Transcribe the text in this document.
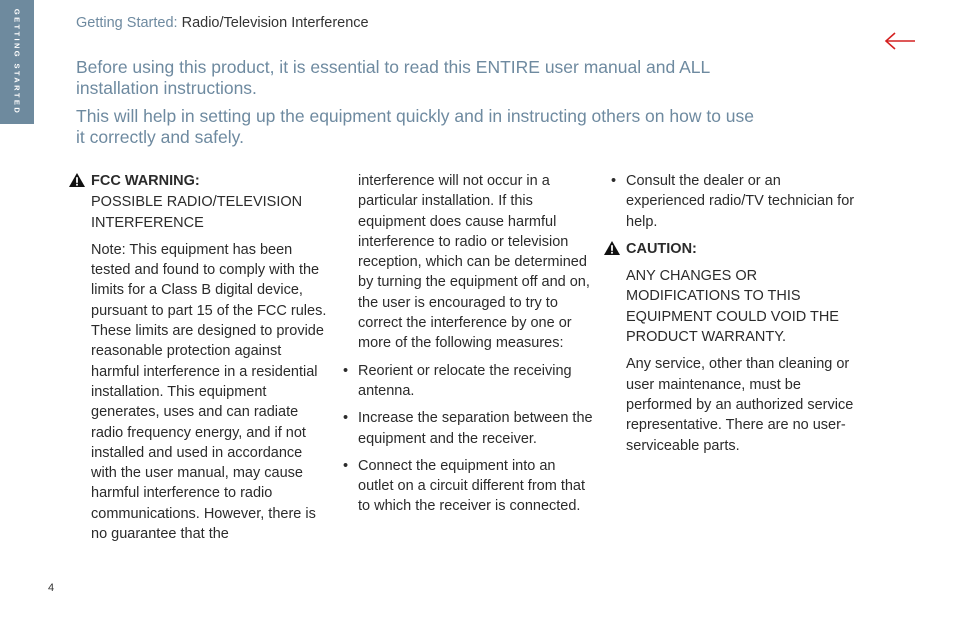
GETTING STARTED	Getting Started: Radio/Television Interference

Before using this product, it is essential to read this ENTIRE user manual and ALL installation instructions.

This will help in setting up the equipment quickly and in instructing others on how to use it correctly and safely.

FCC WARNING:

POSSIBLE RADIO/TELEVISION INTERFERENCE

Note: This equipment has been tested and found to comply with the limits for a Class B digital device, pursuant to part 15 of the FCC rules. These limits are designed to provide reasonable protection against harmful interference in a residential installation. This equipment generates, uses and can radiate radio frequency energy, and if not installed and used in accordance with the user manual, may cause harmful interference to radio communications. However, there is no guarantee that the

interference will not occur in a particular installation. If this equipment does cause harmful interference to radio or television reception, which can be determined by turning the equipment off and on, the user is encouraged to try to correct the interference by one or more of the following measures:

• Reorient or relocate the receiving antenna.
• Increase the separation between the equipment and the receiver.
• Connect the equipment into an outlet on a circuit different from that to which the receiver is connected.
• Consult the dealer or an experienced radio/TV technician for help.

CAUTION:

ANY CHANGES OR MODIFICATIONS TO THIS EQUIPMENT COULD VOID THE PRODUCT WARRANTY.

Any service, other than cleaning or user maintenance, must be performed by an authorized service representative. There are no user-serviceable parts.

4
